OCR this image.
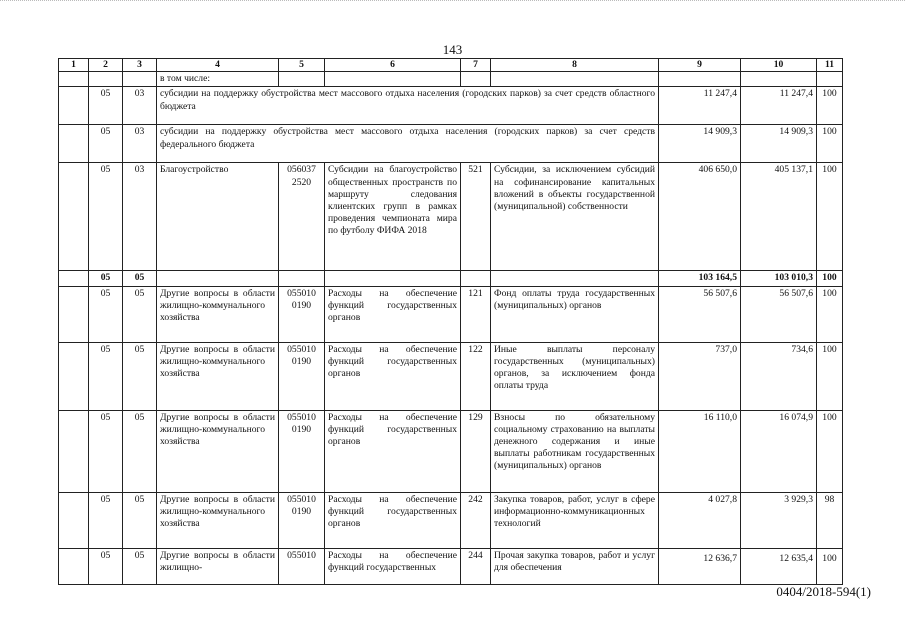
143
1	2	3	4	5	6	7	8	9	10	11
			в том числе:							
	05	03	субсидии на поддержку обустройства мест массового отдыха населения (городских парков) за счет средств областного бюджета					11 247,4	11 247,4	100
	05	03	субсидии на поддержку обустройства мест массового отдыха населения (городских парков) за счет средств федерального бюджета					14 909,3	14 909,3	100
	05	03	Благоустройство	056037 2520	Субсидии на благоустройство общественных пространств по маршруту следования клиентских групп в рамках проведения чемпионата мира по футболу ФИФА 2018	521	Субсидии, за исключением субсидий на софинансирование капитальных вложений в объекты государственной (муниципальной) собственности	406 650,0	405 137,1	100
	05	05						103 164,5	103 010,3	100
	05	05	Другие вопросы в области жилищно-коммунального хозяйства	055010 0190	Расходы на обеспечение функций государственных органов	121	Фонд оплаты труда государственных (муниципальных) органов	56 507,6	56 507,6	100
	05	05	Другие вопросы в области жилищно-коммунального хозяйства	055010 0190	Расходы на обеспечение функций государственных органов	122	Иные выплаты персоналу государственных (муниципальных) органов, за исключением фонда оплаты труда	737,0	734,6	100
	05	05	Другие вопросы в области жилищно-коммунального хозяйства	055010 0190	Расходы на обеспечение функций государственных органов	129	Взносы по обязательному социальному страхованию на выплаты денежного содержания и иные выплаты работникам государственных (муниципальных) органов	16 110,0	16 074,9	100
	05	05	Другие вопросы в области жилищно-коммунального хозяйства	055010 0190	Расходы на обеспечение функций государственных органов	242	Закупка товаров, работ, услуг в сфере информационно-коммуникационных технологий	4 027,8	3 929,3	98
	05	05	Другие вопросы в области жилищно-	055010	Расходы на обеспечение функций государственных	244	Прочая закупка товаров, работ и услуг для обеспечения	12 636,7	12 635,4	100
0404/2018-594(1)
